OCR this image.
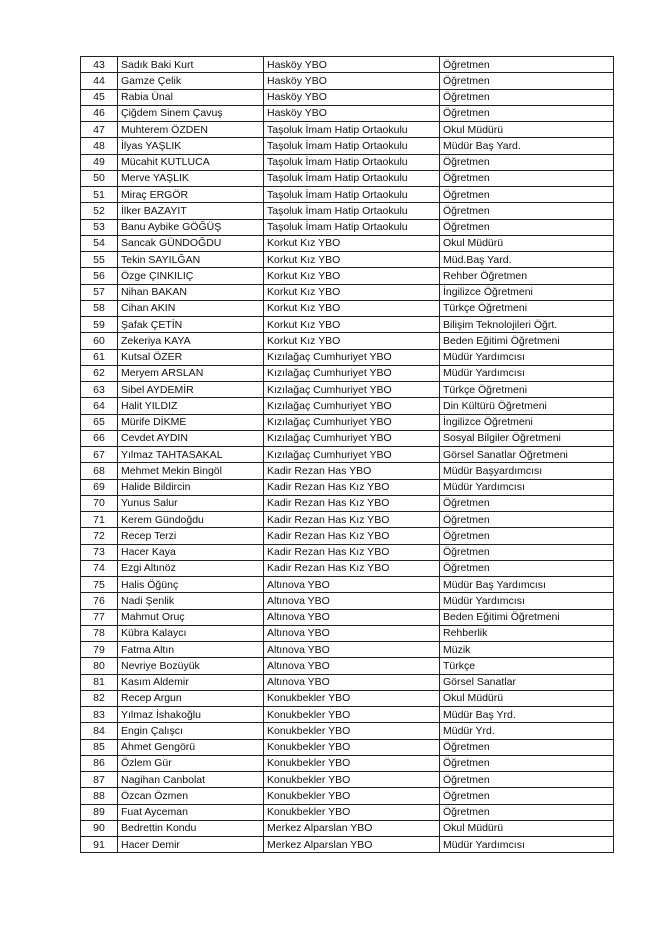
43	Sadık Baki Kurt	Hasköy YBO	Öğretmen
44	Gamze Çelik	Hasköy YBO	Öğretmen
45	Rabia Ünal	Hasköy YBO	Öğretmen
46	Çiğdem Sinem Çavuş	Hasköy YBO	Öğretmen
47	Muhterem ÖZDEN	Taşoluk İmam Hatip Ortaokulu	Okul Müdürü
48	İlyas YAŞLIK	Taşoluk İmam Hatip Ortaokulu	Müdür Baş Yard.
49	Mücahit KUTLUCA	Taşoluk İmam Hatip Ortaokulu	Öğretmen
50	Merve YAŞLIK	Taşoluk İmam Hatip Ortaokulu	Öğretmen
51	Miraç ERGÖR	Taşoluk İmam Hatip Ortaokulu	Öğretmen
52	İlker BAZAYIT	Taşoluk İmam Hatip Ortaokulu	Öğretmen
53	Banu Aybike GÖĞÜŞ	Taşoluk İmam Hatip Ortaokulu	Öğretmen
54	Sancak GÜNDOĞDU	Korkut Kız YBO	Okul Müdürü
55	Tekin SAYILĞAN	Korkut Kız YBO	Müd.Baş Yard.
56	Özge ÇINKILIÇ	Korkut Kız YBO	Rehber Öğretmen
57	Nihan BAKAN	Korkut Kız YBO	İngilizce Öğretmeni
58	Cihan AKIN	Korkut Kız YBO	Türkçe Öğretmeni
59	Şafak ÇETİN	Korkut Kız YBO	Bilişim Teknolojileri Öğrt.
60	Zekeriya KAYA	Korkut Kız YBO	Beden Eğitimi Öğretmeni
61	Kutsal ÖZER	Kızılağaç Cumhuriyet YBO	Müdür Yardımcısı
62	Meryem ARSLAN	Kızılağaç Cumhuriyet YBO	Müdür Yardımcısı
63	Sibel AYDEMİR	Kızılağaç Cumhuriyet YBO	Türkçe Öğretmeni
64	Halit YILDIZ	Kızılağaç Cumhuriyet YBO	Din Kültürü Öğretmeni
65	Mürife DİKME	Kızılağaç Cumhuriyet YBO	İngilizce Öğretmeni
66	Cevdet AYDIN	Kızılağaç Cumhuriyet YBO	Sosyal Bilgiler Öğretmeni
67	Yılmaz TAHTASAKAL	Kızılağaç Cumhuriyet YBO	Görsel Sanatlar Öğretmeni
68	Mehmet Mekin Bingöl	Kadir Rezan Has YBO	Müdür Başyardımcısı
69	Halide Bildircin	Kadir Rezan Has Kız YBO	Müdür Yardımcısı
70	Yunus Salur	Kadir Rezan Has Kız YBO	Öğretmen
71	Kerem Gündoğdu	Kadir Rezan Has Kız YBO	Öğretmen
72	Recep Terzi	Kadir Rezan Has Kız YBO	Öğretmen
73	Hacer Kaya	Kadir Rezan Has Kız YBO	Öğretmen
74	Ezgi Altınöz	Kadir Rezan Has Kız YBO	Öğretmen
75	Halis Öğünç	Altınova YBO	Müdür Baş Yardımcısı
76	Nadi Şenlik	Altınova YBO	Müdür Yardımcısı
77	Mahmut Oruç	Altınova YBO	Beden Eğitimi Öğretmeni
78	Kübra Kalaycı	Altınova YBO	Rehberlik
79	Fatma Altın	Altınova YBO	Müzik
80	Nevriye Bozüyük	Altınova YBO	Türkçe
81	Kasım Aldemir	Altınova YBO	Görsel Sanatlar
82	Recep Argun	Konukbekler YBO	Okul Müdürü
83	Yılmaz İshakoğlu	Konukbekler YBO	Müdür Baş Yrd.
84	Engin Çalışcı	Konukbekler YBO	Müdür Yrd.
85	Ahmet Gengörü	Konukbekler YBO	Öğretmen
86	Özlem Gür	Konukbekler YBO	Öğretmen
87	Nagihan Canbolat	Konukbekler YBO	Öğretmen
88	Özcan Özmen	Konukbekler YBO	Öğretmen
89	Fuat Ayceman	Konukbekler YBO	Öğretmen
90	Bedrettin Kondu	Merkez Alparslan YBO	Okul Müdürü
91	Hacer Demir	Merkez Alparslan YBO	Müdür Yardımcısı
